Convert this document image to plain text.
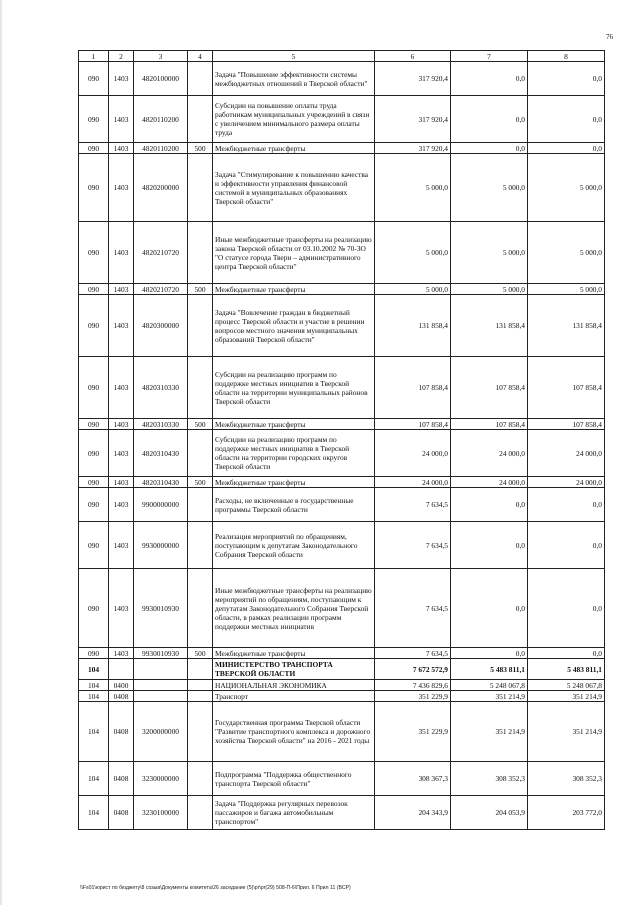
76
1	2	3	4	5	6	7	8
090	1403	4820100000		Задача "Повышение эффективности системы межбюджетных отношений в Тверской области"	317 920,4	0,0	0,0
090	1403	4820110200		Субсидии на повышение оплаты труда работникам муниципальных учреждений в связи с увеличением минимального размера оплаты труда	317 920,4	0,0	0,0
090	1403	4820110200	500	Межбюджетные трансферты	317 920,4	0,0	0,0
090	1403	4820200000		Задача "Стимулирование к повышению качества и эффективности управления финансовой системой в муниципальных образованиях Тверской области"	5 000,0	5 000,0	5 000,0
090	1403	4820210720		Иные межбюджетные трансферты на реализацию закона Тверской области от 03.10.2002 № 70-ЗО "О статусе города Твери – административного центра Тверской области"	5 000,0	5 000,0	5 000,0
090	1403	4820210720	500	Межбюджетные трансферты	5 000,0	5 000,0	5 000,0
090	1403	4820300000		Задача "Вовлечение граждан в бюджетный процесс Тверской области и участие в решении вопросов местного значения муниципальных образований Тверской области"	131 858,4	131 858,4	131 858,4
090	1403	4820310330		Субсидии на реализацию программ по поддержке местных инициатив в Тверской области на территории муниципальных районов Тверской области	107 858,4	107 858,4	107 858,4
090	1403	4820310330	500	Межбюджетные трансферты	107 858,4	107 858,4	107 858,4
090	1403	4820310430		Субсидии на реализацию программ по поддержке местных инициатив в Тверской области на территории городских округов Тверской области	24 000,0	24 000,0	24 000,0
090	1403	4820310430	500	Межбюджетные трансферты	24 000,0	24 000,0	24 000,0
090	1403	9900000000		Расходы, не включенные в государственные программы Тверской области	7 634,5	0,0	0,0
090	1403	9930000000		Реализация мероприятий по обращениям, поступающим к депутатам Законодательного Собрания Тверской области	7 634,5	0,0	0,0
090	1403	9930010930		Иные межбюджетные трансферты на реализацию мероприятий по обращениям, поступающим к депутатам Законодательного Собрания Тверской области, в рамках реализации программ поддержки местных инициатив	7 634,5	0,0	0,0
090	1403	9930010930	500	Межбюджетные трансферты	7 634,5	0,0	0,0
104				МИНИСТЕРСТВО ТРАНСПОРТА ТВЕРСКОЙ ОБЛАСТИ	7 672 572,9	5 483 811,1	5 483 811,1
104	0400			НАЦИОНАЛЬНАЯ ЭКОНОМИКА	7 436 829,6	5 248 067,8	5 248 067,8
104	0408			Транспорт	351 229,9	351 214,9	351 214,9
104	0408	3200000000		Государственная программа Тверской области "Развитие транспортного комплекса и дорожного хозяйства Тверской области" на 2016 - 2021 годы	351 229,9	351 214,9	351 214,9
104	0408	3230000000		Подпрограмма "Поддержка общественного транспорта Тверской области"	308 367,3	308 352,3	308 352,3
104	0408	3230100000		Задача "Поддержка регулярных перевозок пассажиров и багажа автомобильным транспортом"	204 343,9	204 053,9	203 772,0
\\Fs01\юрист по бюджету\8 созыв\Документы комитета\26 заседание (5)\pr\pr(29) 508-П-6\Прил. 6 Прил 11 (ВСР)
